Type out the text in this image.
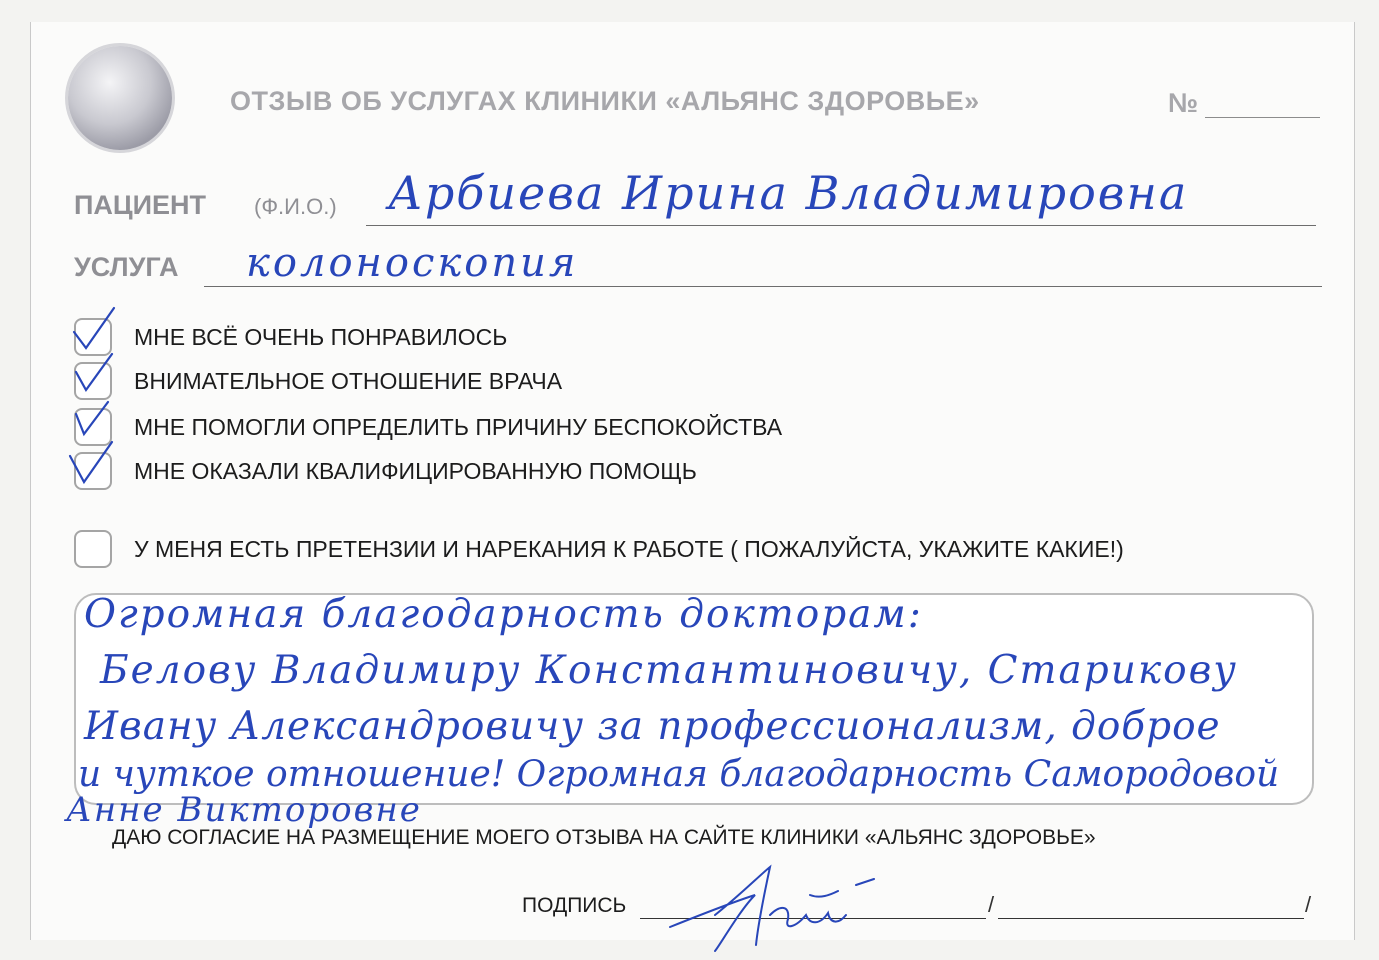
ОТЗЫВ ОБ УСЛУГАХ КЛИНИКИ «АЛЬЯНС ЗДОРОВЬЕ»	№
ПАЦИЕНТ (Ф.И.О.) Арбиева Ирина Владимировна
УСЛУГА колоноскопия
МНЕ ВСЁ ОЧЕНЬ ПОНРАВИЛОСЬ
ВНИМАТЕЛЬНОЕ ОТНОШЕНИЕ ВРАЧА
МНЕ ПОМОГЛИ ОПРЕДЕЛИТЬ ПРИЧИНУ БЕСПОКОЙСТВА
МНЕ ОКАЗАЛИ КВАЛИФИЦИРОВАННУЮ ПОМОЩЬ
У МЕНЯ ЕСТЬ ПРЕТЕНЗИИ И НАРЕКАНИЯ К РАБОТЕ ( ПОЖАЛУЙСТА, УКАЖИТЕ КАКИЕ!)
Огромная благодарность докторам:
Белову Владимиру Константиновичу, Старикову
Ивану Александровичу за профессионализм, доброе
и чуткое отношение! Огромная благодарность Самородовой
Анне Викторовне
ДАЮ СОГЛАСИЕ НА РАЗМЕЩЕНИЕ МОЕГО ОТЗЫВА НА САЙТЕ КЛИНИКИ «АЛЬЯНС ЗДОРОВЬЕ»
ПОДПИСЬ	/	/
